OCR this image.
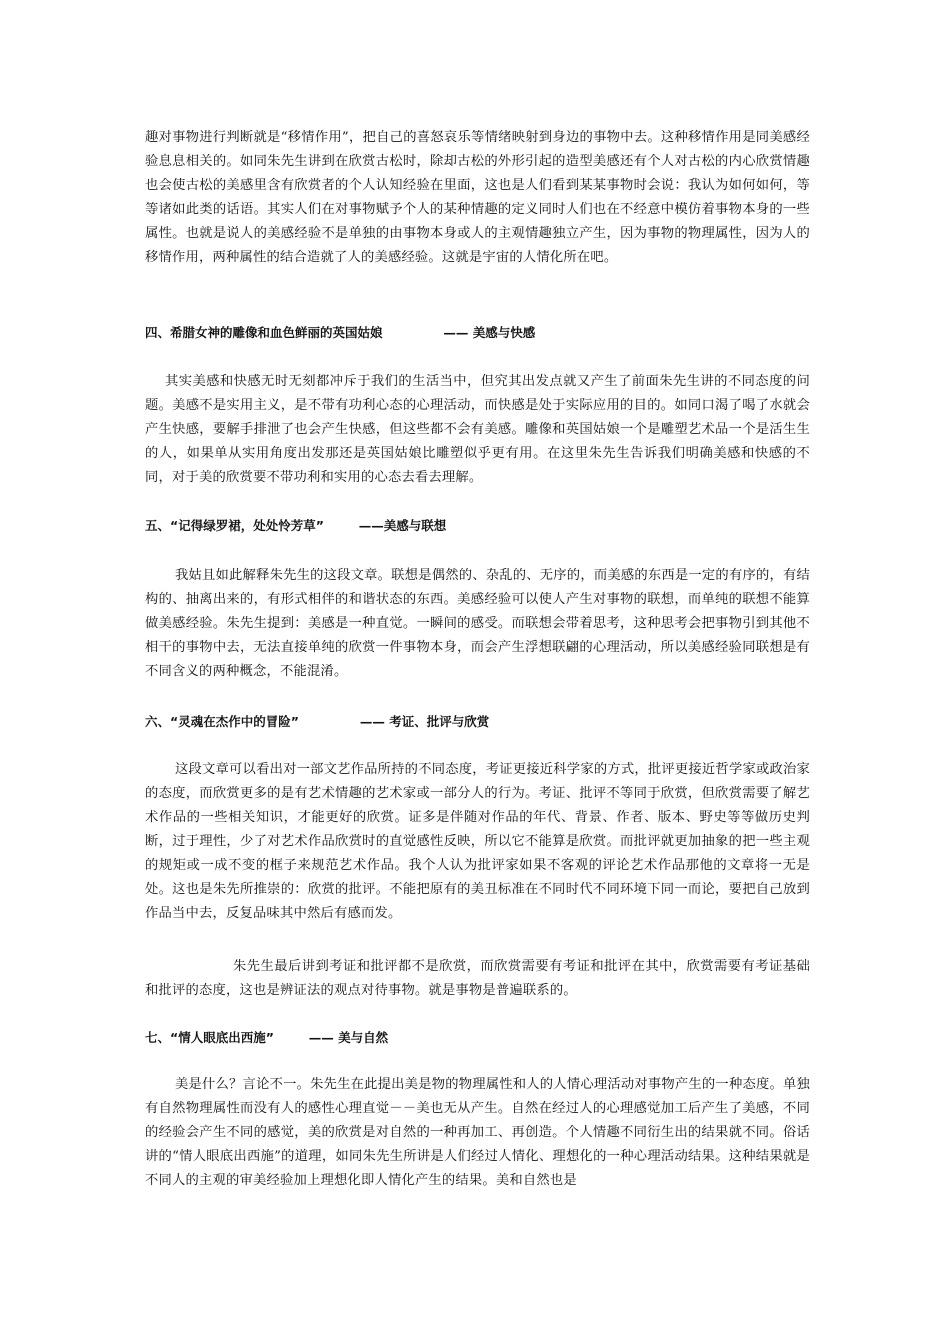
趣对事物进行判断就是“移情作用”，把自己的喜怒哀乐等情绪映射到身边的事物中去。这种移情作用是同美感经验息息相关的。如同朱先生讲到在欣赏古松时，除却古松的外形引起的造型美感还有个人对古松的内心欣赏情趣也会使古松的美感里含有欣赏者的个人认知经验在里面，这也是人们看到某某事物时会说：我认为如何如何，等等诸如此类的话语。其实人们在对事物赋予个人的某种情趣的定义同时人们也在不经意中模仿着事物本身的一些属性。也就是说人的美感经验不是单独的由事物本身或人的主观情趣独立产生，因为事物的物理属性，因为人的移情作用，两种属性的结合造就了人的美感经验。这就是宇宙的人情化所在吧。

四、希腊女神的雕像和血色鲜丽的英国姑娘              —— 美感与快感

其实美感和快感无时无刻都冲斥于我们的生活当中，但究其出发点就又产生了前面朱先生讲的不同态度的问题。美感不是实用主义，是不带有功利心态的心理活动，而快感是处于实际应用的目的。如同口渴了喝了水就会产生快感，要解手排泄了也会产生快感，但这些都不会有美感。雕像和英国姑娘一个是雕塑艺术品一个是活生生的人，如果单从实用角度出发那还是英国姑娘比雕塑似乎更有用。在这里朱先生告诉我们明确美感和快感的不同，对于美的欣赏要不带功利和实用的心态去看去理解。

五、“记得绿罗裙，处处怜芳草”        ——美感与联想

我姑且如此解释朱先生的这段文章。联想是偶然的、杂乱的、无序的，而美感的东西是一定的有序的，有结构的、抽离出来的，有形式相伴的和谐状态的东西。美感经验可以使人产生对事物的联想，而单纯的联想不能算做美感经验。朱先生提到：美感是一种直觉。一瞬间的感受。而联想会带着思考，这种思考会把事物引到其他不相干的事物中去，无法直接单纯的欣赏一件事物本身，而会产生浮想联翩的心理活动，所以美感经验同联想是有不同含义的两种概念，不能混淆。

六、“灵魂在杰作中的冒险”              —— 考证、批评与欣赏

这段文章可以看出对一部文艺作品所持的不同态度，考证更接近科学家的方式，批评更接近哲学家或政治家的态度，而欣赏更多的是有艺术情趣的艺术家或一部分人的行为。考证、批评不等同于欣赏，但欣赏需要了解艺术作品的一些相关知识，才能更好的欣赏。证多是伴随对作品的年代、背景、作者、版本、野史等等做历史判断，过于理性，少了对艺术作品欣赏时的直觉感性反映，所以它不能算是欣赏。而批评就更加抽象的把一些主观的规矩或一成不变的框子来规范艺术作品。我个人认为批评家如果不客观的评论艺术作品那他的文章将一无是处。这也是朱先所推崇的：欣赏的批评。不能把原有的美丑标准在不同时代不同环境下同一而论，要把自己放到作品当中去，反复品味其中然后有感而发。

朱先生最后讲到考证和批评都不是欣赏，而欣赏需要有考证和批评在其中，欣赏需要有考证基础和批评的态度，这也是辨证法的观点对待事物。就是事物是普遍联系的。

七、“情人眼底出西施”        —— 美与自然

美是什么？言论不一。朱先生在此提出美是物的物理属性和人的人情心理活动对事物产生的一种态度。单独有自然物理属性而没有人的感性心理直觉－－美也无从产生。自然在经过人的心理感觉加工后产生了美感，不同的经验会产生不同的感觉，美的欣赏是对自然的一种再加工、再创造。个人情趣不同衍生出的结果就不同。俗话讲的“情人眼底出西施”的道理，如同朱先生所讲是人们经过人情化、理想化的一种心理活动结果。这种结果就是不同人的主观的审美经验加上理想化即人情化产生的结果。美和自然也是
